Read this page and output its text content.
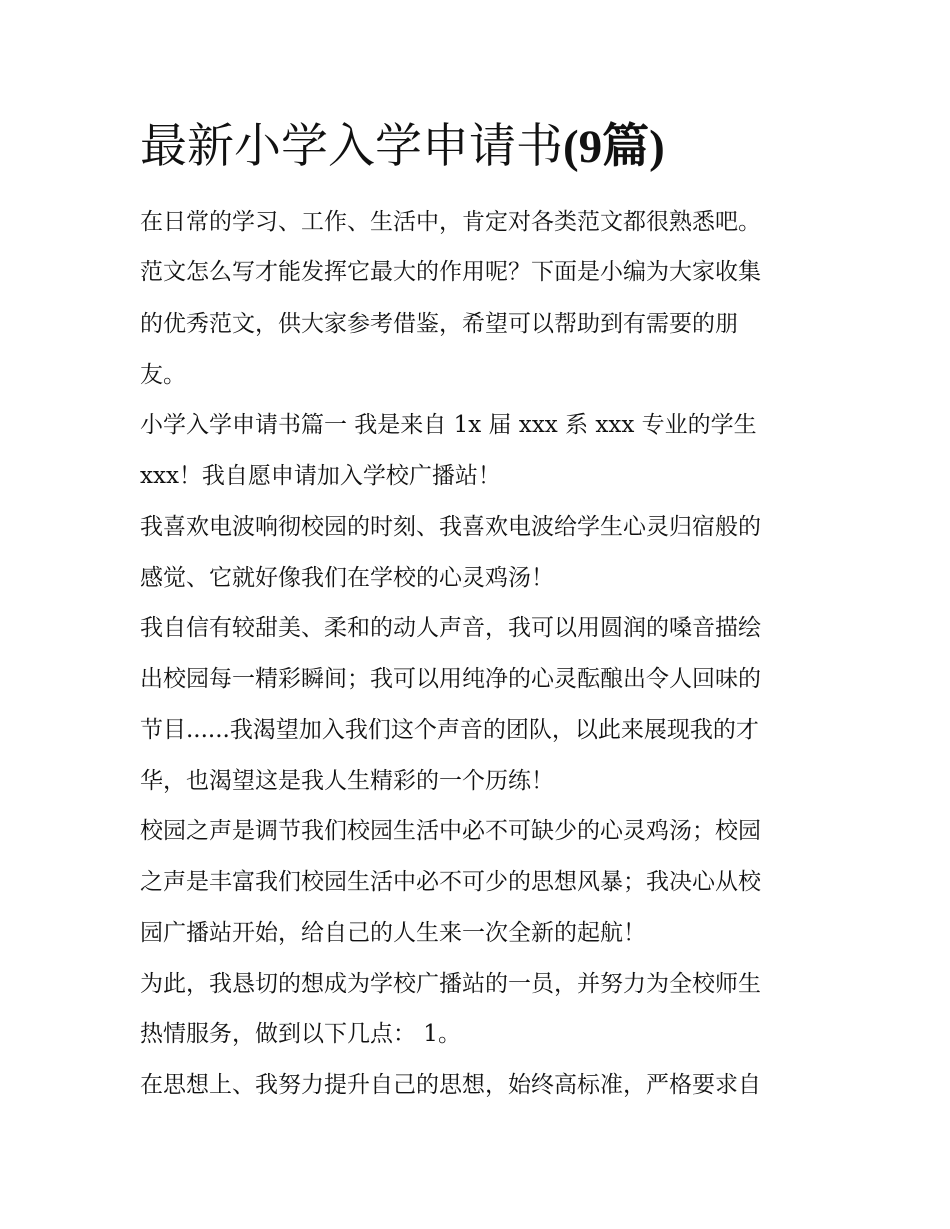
最新小学入学申请书(9篇)

在日常的学习、工作、生活中，肯定对各类范文都很熟悉吧。

范文怎么写才能发挥它最大的作用呢？下面是小编为大家收集

的优秀范文，供大家参考借鉴，希望可以帮助到有需要的朋

友。

小学入学申请书篇一 我是来自 1x 届 xxx 系 xxx 专业的学生

xxx！我自愿申请加入学校广播站！

我喜欢电波响彻校园的时刻、我喜欢电波给学生心灵归宿般的

感觉、它就好像我们在学校的心灵鸡汤！

我自信有较甜美、柔和的动人声音，我可以用圆润的嗓音描绘

出校园每一精彩瞬间；我可以用纯净的心灵酝酿出令人回味的

节目......我渴望加入我们这个声音的团队，以此来展现我的才

华，也渴望这是我人生精彩的一个历练！

校园之声是调节我们校园生活中必不可缺少的心灵鸡汤；校园

之声是丰富我们校园生活中必不可少的思想风暴；我决心从校

园广播站开始，给自己的人生来一次全新的起航！

为此，我恳切的想成为学校广播站的一员，并努力为全校师生

热情服务，做到以下几点： 1。

在思想上、我努力提升自己的思想，始终高标准，严格要求自
